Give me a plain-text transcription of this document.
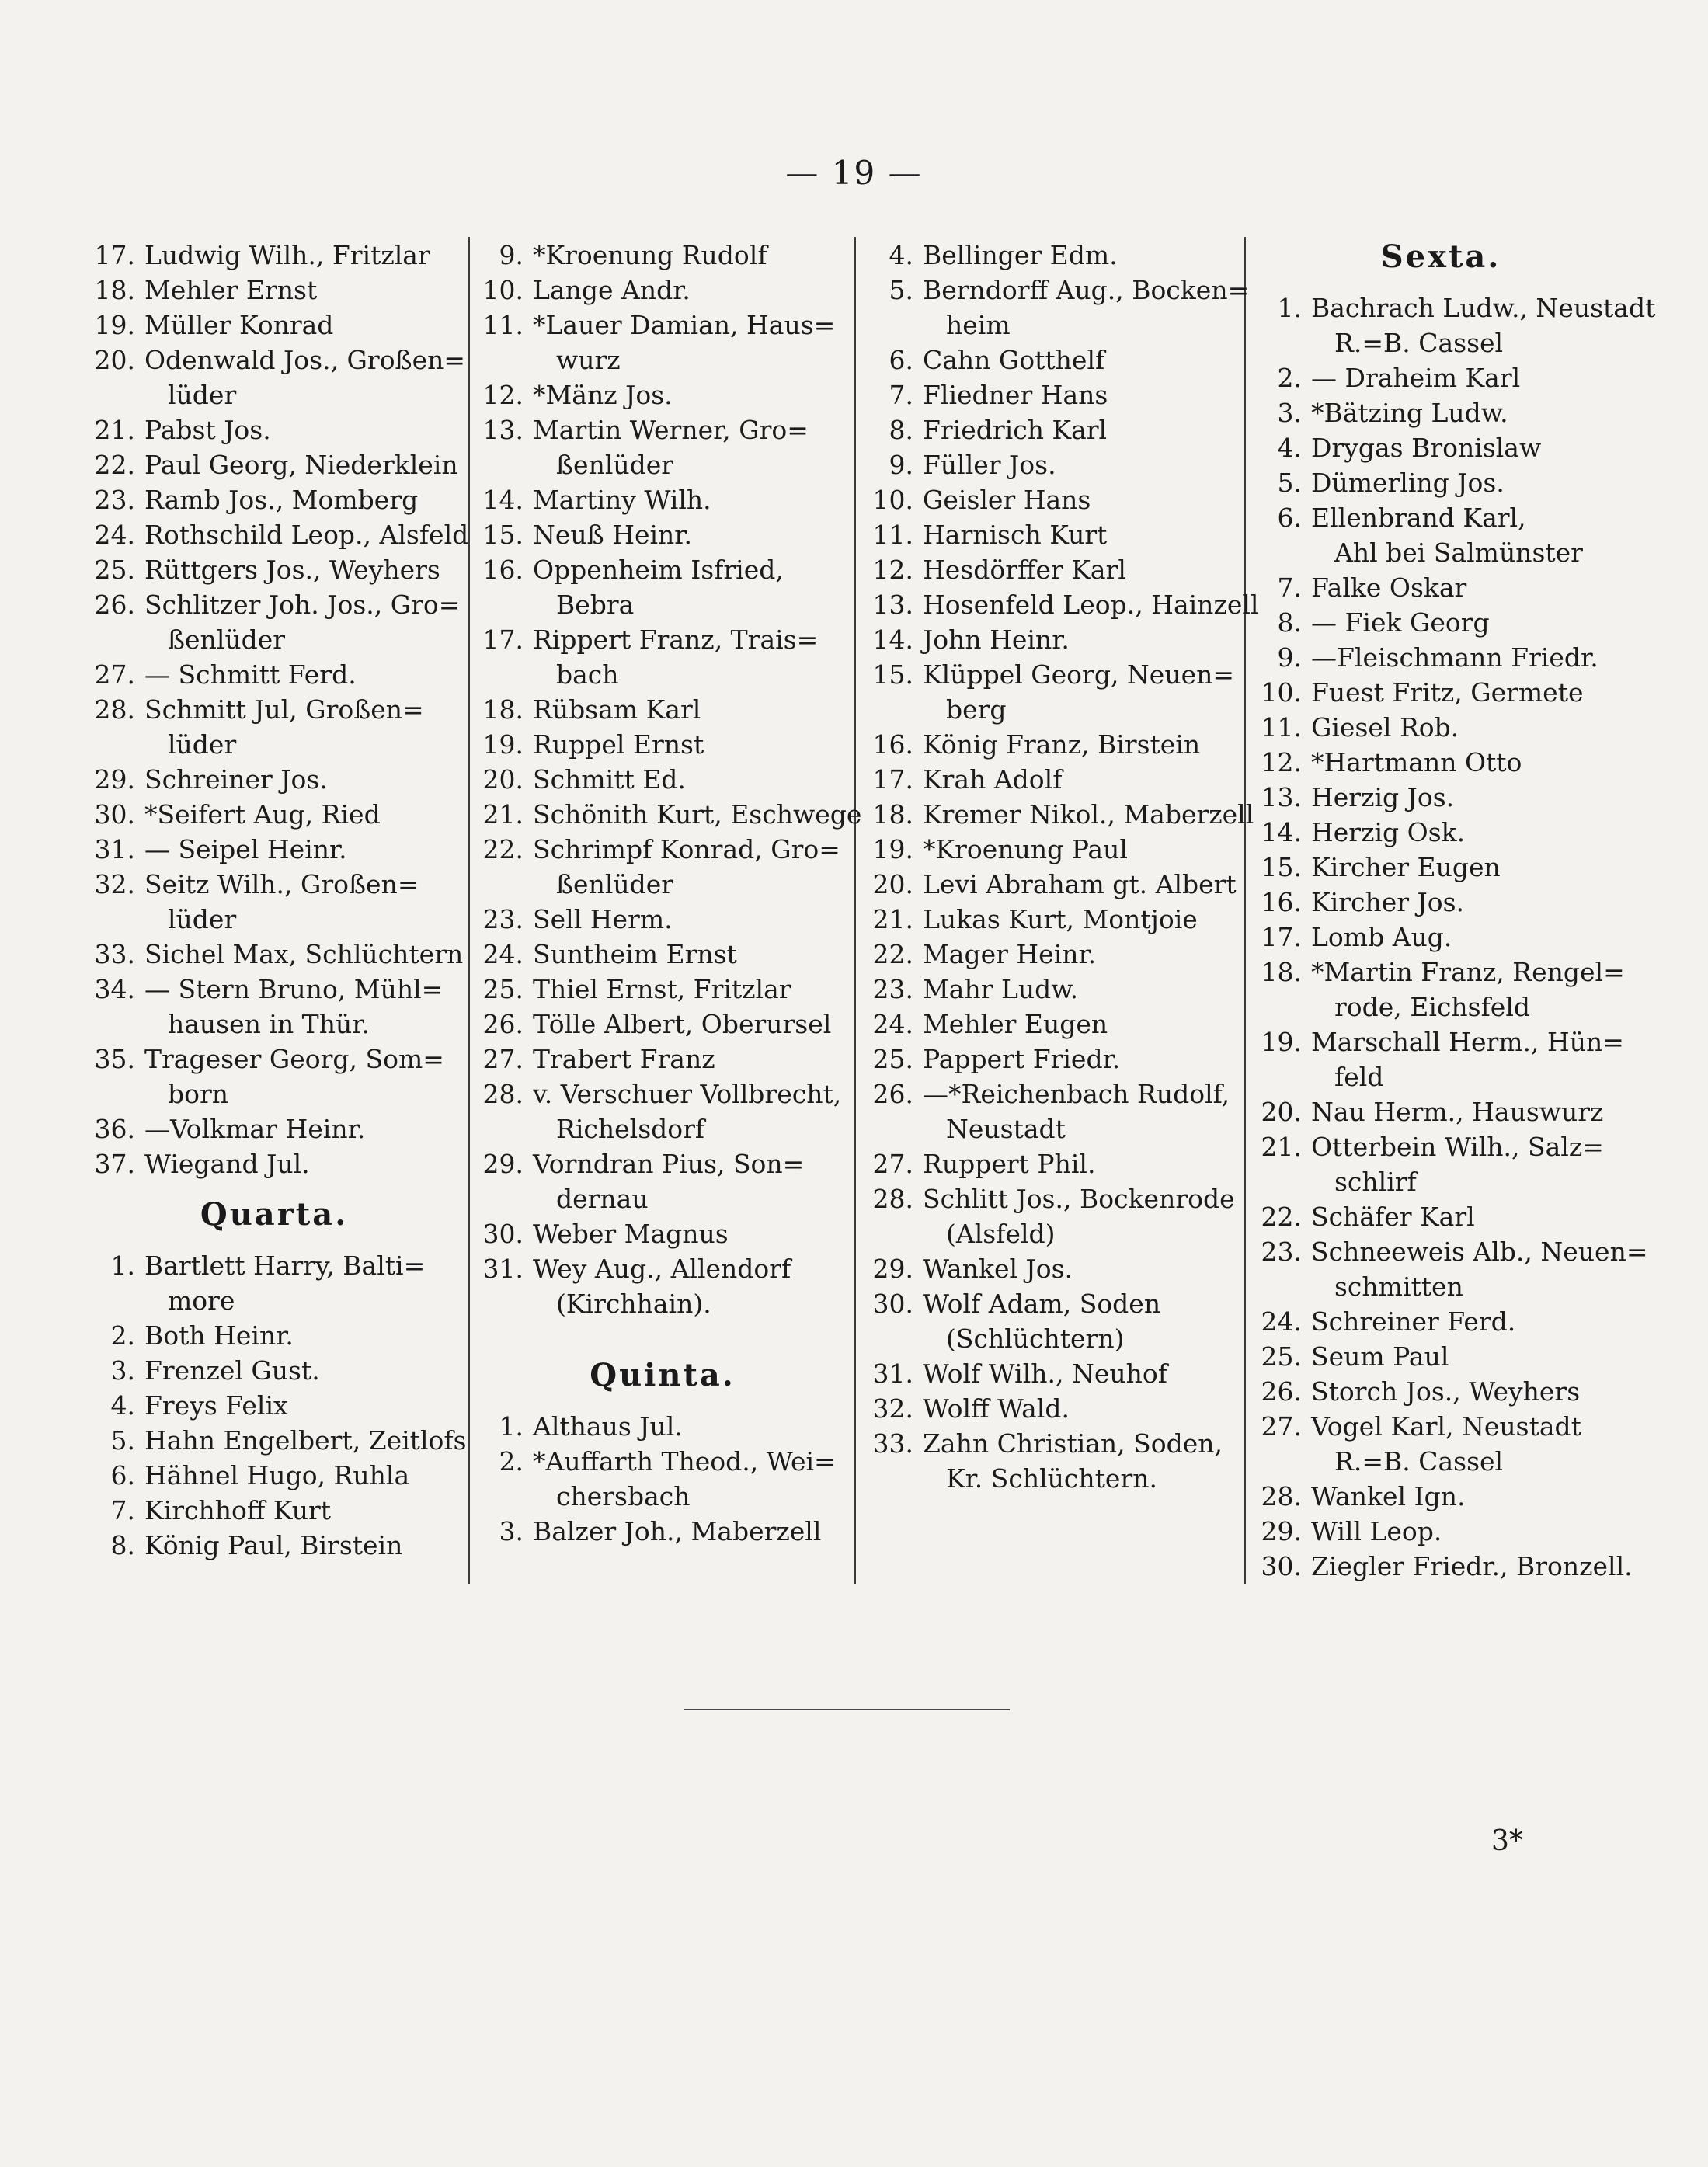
— 19 —
17. Ludwig Wilh., Fritzlar
18. Mehler Ernst
19. Müller Konrad
20. Odenwald Jos., Großen=
lüder
21. Pabst Jos.
22. Paul Georg, Niederklein
23. Ramb Jos., Momberg
24. Rothschild Leop., Alsfeld
25. Rüttgers Jos., Weyhers
26. Schlitzer Joh. Jos., Gro=
ßenlüder
27. — Schmitt Ferd.
28. Schmitt Jul, Großen=
lüder
29. Schreiner Jos.
30. *Seifert Aug, Ried
31. — Seipel Heinr.
32. Seitz Wilh., Großen=
lüder
33. Sichel Max, Schlüchtern
34. — Stern Bruno, Mühl=
hausen in Thür.
35. Trageser Georg, Som=
born
36. —Volkmar Heinr.
37. Wiegand Jul.
Quarta.
1. Bartlett Harry, Balti=
more
2. Both Heinr.
3. Frenzel Gust.
4. Freys Felix
5. Hahn Engelbert, Zeitlofs
6. Hähnel Hugo, Ruhla
7. Kirchhoff Kurt
8. König Paul, Birstein
9. *Kroenung Rudolf
10. Lange Andr.
11. *Lauer Damian, Haus=
wurz
12. *Mänz Jos.
13. Martin Werner, Gro=
ßenlüder
14. Martiny Wilh.
15. Neuß Heinr.
16. Oppenheim Isfried,
Bebra
17. Rippert Franz, Trais=
bach
18. Rübsam Karl
19. Ruppel Ernst
20. Schmitt Ed.
21. Schönith Kurt, Eschwege
22. Schrimpf Konrad, Gro=
ßenlüder
23. Sell Herm.
24. Suntheim Ernst
25. Thiel Ernst, Fritzlar
26. Tölle Albert, Oberursel
27. Trabert Franz
28. v. Verschuer Vollbrecht,
Richelsdorf
29. Vorndran Pius, Son=
dernau
30. Weber Magnus
31. Wey Aug., Allendorf
(Kirchhain).
Quinta.
1. Althaus Jul.
2. *Auffarth Theod., Wei=
chersbach
3. Balzer Joh., Maberzell
4. Bellinger Edm.
5. Berndorff Aug., Bocken=
heim
6. Cahn Gotthelf
7. Fliedner Hans
8. Friedrich Karl
9. Füller Jos.
10. Geisler Hans
11. Harnisch Kurt
12. Hesdörffer Karl
13. Hosenfeld Leop., Hainzell
14. John Heinr.
15. Klüppel Georg, Neuen=
berg
16. König Franz, Birstein
17. Krah Adolf
18. Kremer Nikol., Maberzell
19. *Kroenung Paul
20. Levi Abraham gt. Albert
21. Lukas Kurt, Montjoie
22. Mager Heinr.
23. Mahr Ludw.
24. Mehler Eugen
25. Pappert Friedr.
26. —*Reichenbach Rudolf,
Neustadt
27. Ruppert Phil.
28. Schlitt Jos., Bockenrode
(Alsfeld)
29. Wankel Jos.
30. Wolf Adam, Soden
(Schlüchtern)
31. Wolf Wilh., Neuhof
32. Wolff Wald.
33. Zahn Christian, Soden,
Kr. Schlüchtern.
Sexta.
1. Bachrach Ludw., Neustadt
R.=B. Cassel
2. — Draheim Karl
3. *Bätzing Ludw.
4. Drygas Bronislaw
5. Dümerling Jos.
6. Ellenbrand Karl,
Ahl bei Salmünster
7. Falke Oskar
8. — Fiek Georg
9. —Fleischmann Friedr.
10. Fuest Fritz, Germete
11. Giesel Rob.
12. *Hartmann Otto
13. Herzig Jos.
14. Herzig Osk.
15. Kircher Eugen
16. Kircher Jos.
17. Lomb Aug.
18. *Martin Franz, Rengel=
rode, Eichsfeld
19. Marschall Herm., Hün=
feld
20. Nau Herm., Hauswurz
21. Otterbein Wilh., Salz=
schlirf
22. Schäfer Karl
23. Schneeweis Alb., Neuen=
schmitten
24. Schreiner Ferd.
25. Seum Paul
26. Storch Jos., Weyhers
27. Vogel Karl, Neustadt
R.=B. Cassel
28. Wankel Ign.
29. Will Leop.
30. Ziegler Friedr., Bronzell.
3*
